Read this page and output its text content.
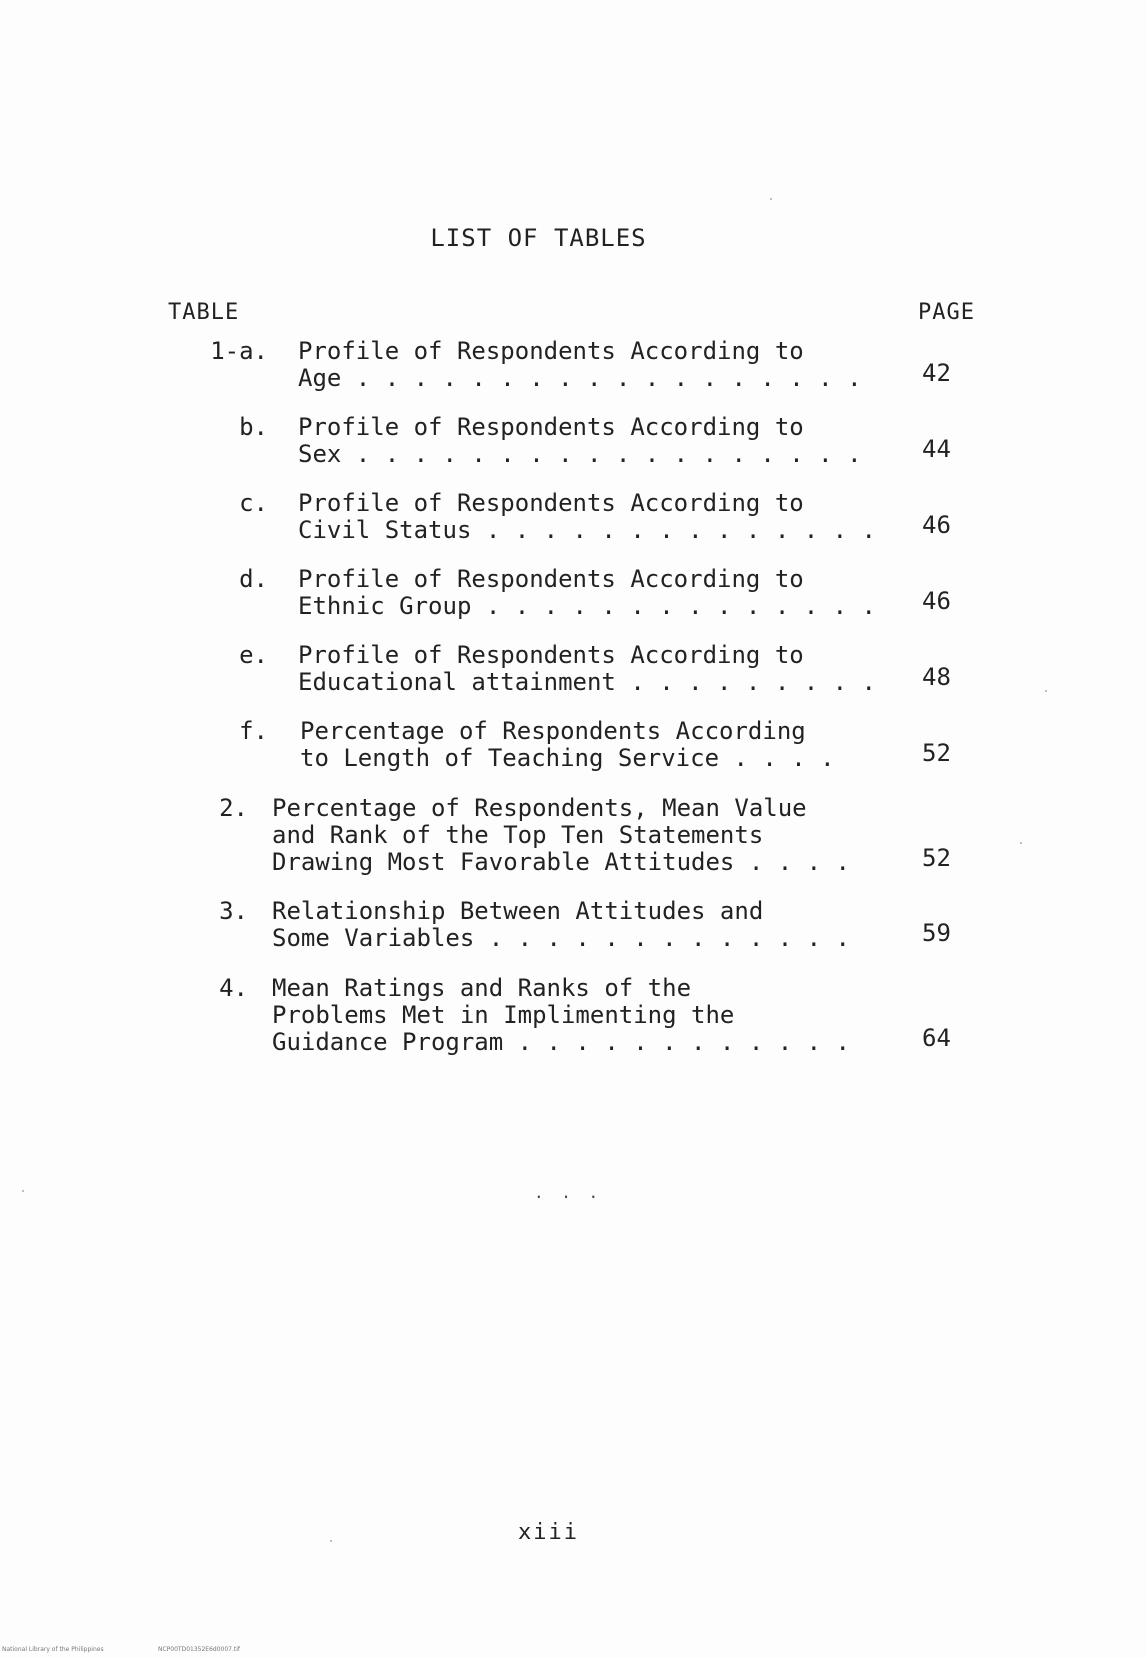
LIST OF TABLES
TABLE	PAGE
1-a. Profile of Respondents According to
Age . . . . . . . . . . . . . . . . . .	42
b. Profile of Respondents According to
Sex . . . . . . . . . . . . . . . . . .	44
c. Profile of Respondents According to
Civil Status . . . . . . . . . . . . . . 46
d. Profile of Respondents According to
Ethnic Group . . . . . . . . . . . . . . 46
e. Profile of Respondents According to
Educational attainment . . . . . . . . . 48
f. Percentage of Respondents According
to Length of Teaching Service . . . .	52
2. Percentage of Respondents, Mean Value
and Rank of the Top Ten Statements
Drawing Most Favorable Attitudes . . . .	52
3. Relationship Between Attitudes and
Some Variables . . . . . . . . . . . . .	59
4. Mean Ratings and Ranks of the
Problems Met in Implimenting the
Guidance Program . . . . . . . . . . . .	64
. . .
xiii
National Library of the Philippines	NCP00TD01352E6d0007.tif
